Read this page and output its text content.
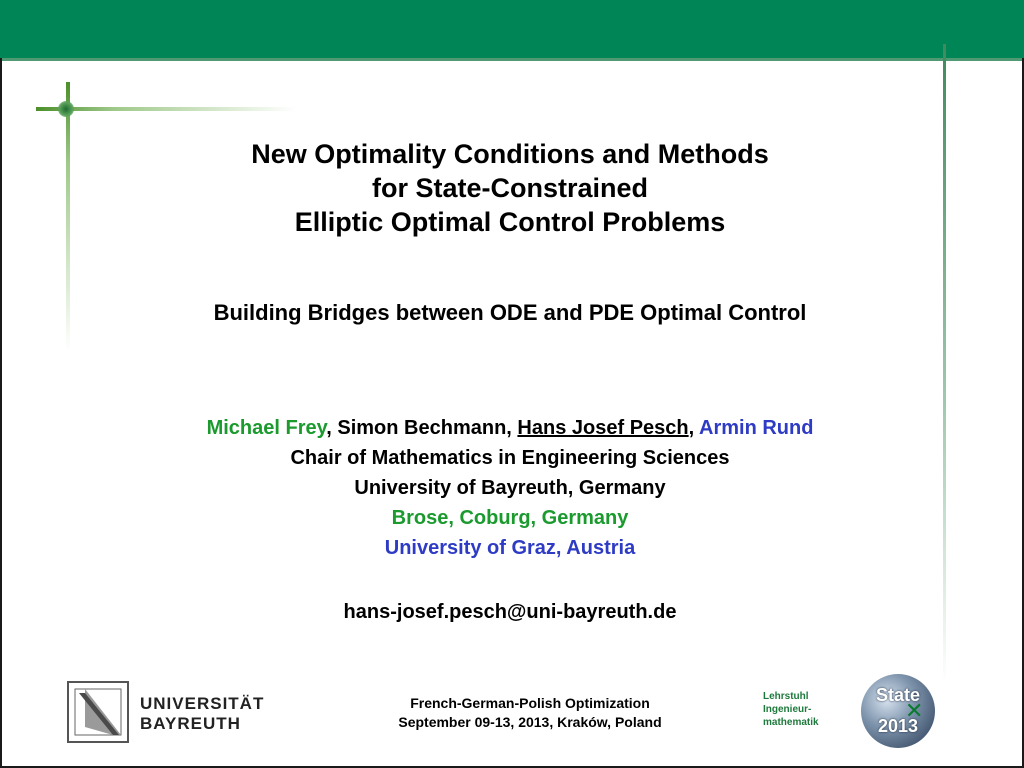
New Optimality Conditions and Methods
for State-Constrained
Elliptic Optimal Control Problems
Building Bridges between ODE and PDE Optimal Control
Michael Frey, Simon Bechmann, Hans Josef Pesch, Armin Rund
Chair of Mathematics in Engineering Sciences
University of Bayreuth, Germany
Brose, Coburg, Germany
University of Graz, Austria
hans-josef.pesch@uni-bayreuth.de
UNIVERSITÄT
BAYREUTH
French-German-Polish Optimization
September 09-13, 2013, Kraków, Poland
Lehrstuhl
Ingenieur-
mathematik
State
✕
2013
